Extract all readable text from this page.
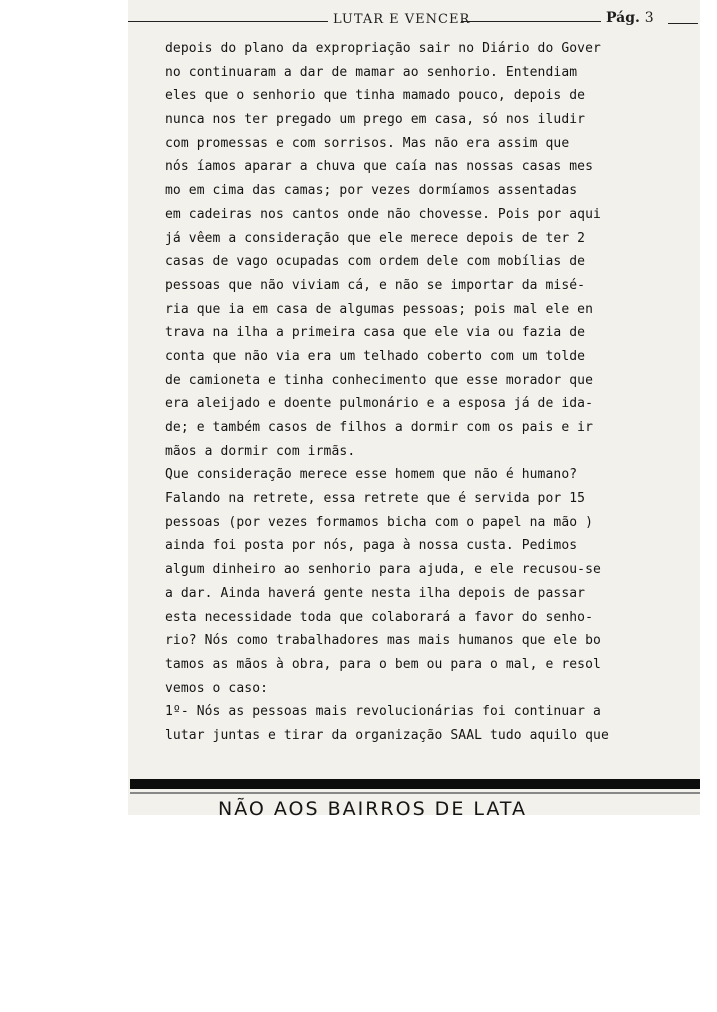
LUTAR E VENCER	Pág. 3
depois do plano da expropriação sair no Diário do Gover
no continuaram a dar de mamar ao senhorio. Entendiam
eles que o senhorio que tinha mamado pouco, depois de
nunca nos ter pregado um prego em casa, só nos iludir
com promessas e com sorrisos. Mas não era assim que
nós íamos aparar a chuva que caía nas nossas casas mes
mo em cima das camas; por vezes dormíamos assentadas
em cadeiras nos cantos onde não chovesse. Pois por aqui
já vêem a consideração que ele merece depois de ter 2
casas de vago ocupadas com ordem dele com mobílias de
pessoas que não viviam cá, e não se importar da misé-
ria que ia em casa de algumas pessoas; pois mal ele en
trava na ilha a primeira casa que ele via ou fazia de
conta que não via era um telhado coberto com um tolde
de camioneta e tinha conhecimento que esse morador que
era aleijado e doente pulmonário e a esposa já de ida-
de; e também casos de filhos a dormir com os pais e ir
mãos a dormir com irmãs.
Que consideração merece esse homem que não é humano?
Falando na retrete, essa retrete que é servida por 15
pessoas (por vezes formamos bicha com o papel na mão )
ainda foi posta por nós, paga à nossa custa. Pedimos
algum dinheiro ao senhorio para ajuda, e ele recusou-se
a dar. Ainda haverá gente nesta ilha depois de passar
esta necessidade toda que colaborará a favor do senho-
rio? Nós como trabalhadores mas mais humanos que ele bo
tamos as mãos à obra, para o bem ou para o mal, e resol
vemos o caso:
1º- Nós as pessoas mais revolucionárias foi continuar a
lutar juntas e tirar da organização SAAL tudo aquilo que
NÃO AOS BAIRROS DE LATA
